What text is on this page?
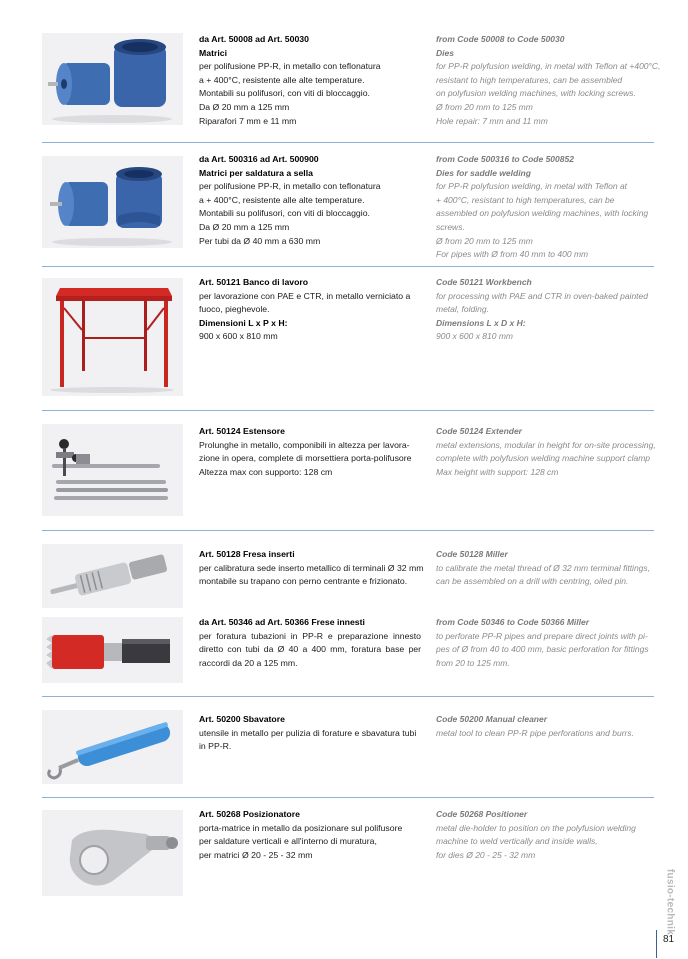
da Art. 50008 ad Art. 50030
Matrici
per polifusione PP-R, in metallo con teflonatura
a + 400°C, resistente alle alte temperature.
Montabili su polifusori, con viti di bloccaggio.
Da Ø 20 mm a 125 mm
Riparafori 7 mm e 11 mm
from Code 50008 to Code 50030
Dies
for PP-R polyfusion welding, in metal with Teflon at +400°C,
resistant to high temperatures, can be assembled
on polyfusion welding machines, with locking screws.
Ø from 20 mm to 125 mm
Hole repair: 7 mm and 11 mm
da Art. 500316 ad Art. 500900
Matrici per saldatura a sella
per polifusione PP-R, in metallo con teflonatura
a + 400°C, resistente alle alte temperature.
Montabili su polifusori, con viti di bloccaggio.
Da Ø 20 mm a 125 mm
Per tubi da Ø 40 mm a 630 mm
from Code 500316 to Code 500852
Dies for saddle welding
for PP-R polyfusion welding, in metal with Teflon at
+ 400°C, resistant to high temperatures, can be
assembled on polyfusion welding machines, with locking
screws.
Ø from 20 mm to 125 mm
For pipes with Ø from 40 mm to 400 mm
Art. 50121 Banco di lavoro
per lavorazione con PAE e CTR, in metallo verniciato a
fuoco, pieghevole.
Dimensioni L x P x H:
900 x 600 x 810 mm
Code 50121 Workbench
for processing with PAE and CTR in oven-baked painted
metal, folding.
Dimensions L x D x H:
900 x 600 x 810 mm
Art. 50124 Estensore
Prolunghe in metallo, componibili in altezza per lavora-
zione in opera, complete di morsettiera porta-polifusore
Altezza max con supporto: 128 cm
Code 50124 Extender
metal extensions, modular in height for on-site processing,
complete with polyfusion welding machine support clamp
Max height with support: 128 cm
Art. 50128 Fresa inserti
per calibratura sede inserto metallico di terminali Ø 32 mm
montabile su trapano con perno centrante e frizionato.
Code 50128 Miller
to calibrate the metal thread of Ø 32 mm terminal fittings,
can be assembled on a drill with centring, oiled pin.
da Art. 50346 ad Art. 50366 Frese innesti
per foratura tubazioni in PP-R e preparazione innesto
diretto con tubi da Ø 40 a 400 mm, foratura base per
raccordi da 20 a 125 mm.
from Code 50346 to Code 50366 Miller
to perforate PP-R pipes and prepare direct joints with pi-
pes of Ø from 40 to 400 mm, basic perforation for fittings
from 20 to 125 mm.
Art. 50200 Sbavatore
utensile in metallo per pulizia di forature e sbavatura tubi
in PP-R.
Code 50200 Manual cleaner
metal tool to clean PP-R pipe perforations and burrs.
Art. 50268 Posizionatore
porta-matrice in metallo da posizionare sul polifusore
per saldature verticali e all'interno di muratura,
per matrici Ø 20 - 25 - 32 mm
Code 50268 Positioner
metal die-holder to position on the polyfusion welding
machine to weld vertically and inside walls,
for dies Ø 20 - 25 - 32 mm
fusio-technik
81
